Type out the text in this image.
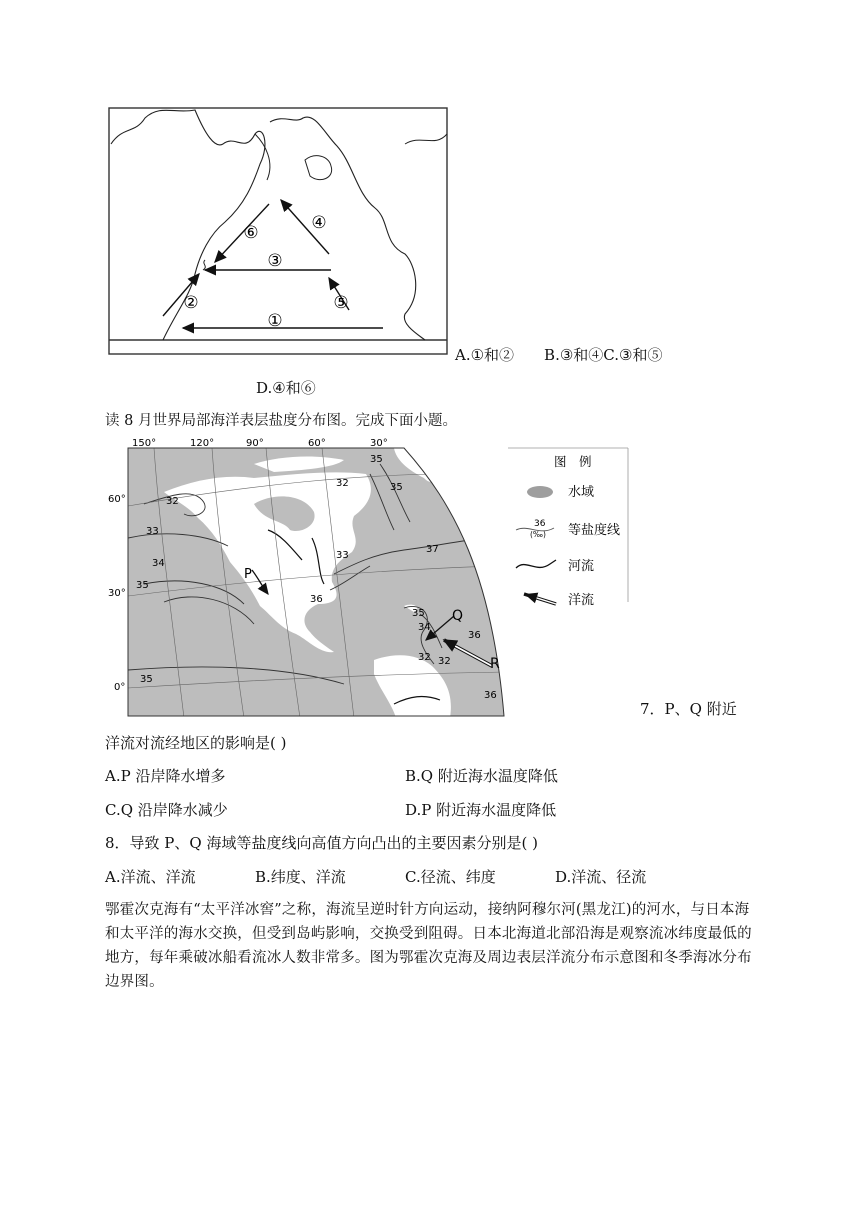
①
②
③
④
⑤
⑥
A.①和②　　B.③和④C.③和⑤
D.④和⑥
读 8 月世界局部海洋表层盐度分布图。完成下面小题。
150°	120°	90°	60°	30°
60°
30°
0°
35
35
32
32
33
33
34
35
36
37
35
34
36
32 32
36
35
P
Q
R
图　例
水域
36
(‰) 等盐度线
河流
洋流
7．P、Q 附近
洋流对流经地区的影响是( )
A.P 沿岸降水增多	B.Q 附近海水温度降低
C.Q 沿岸降水减少	D.P 附近海水温度降低
8．导致 P、Q 海域等盐度线向高值方向凸出的主要因素分别是( )
A.洋流、洋流	B.纬度、洋流	C.径流、纬度	D.洋流、径流
鄂霍次克海有“太平洋冰窖”之称，海流呈逆时针方向运动，接纳阿穆尔河(黑龙江)的河水，与日本海和太平洋的海水交换，但受到岛屿影响，交换受到阻碍。日本北海道北部沿海是观察流冰纬度最低的地方，每年乘破冰船看流冰人数非常多。图为鄂霍次克海及周边表层洋流分布示意图和冬季海冰分布边界图。
